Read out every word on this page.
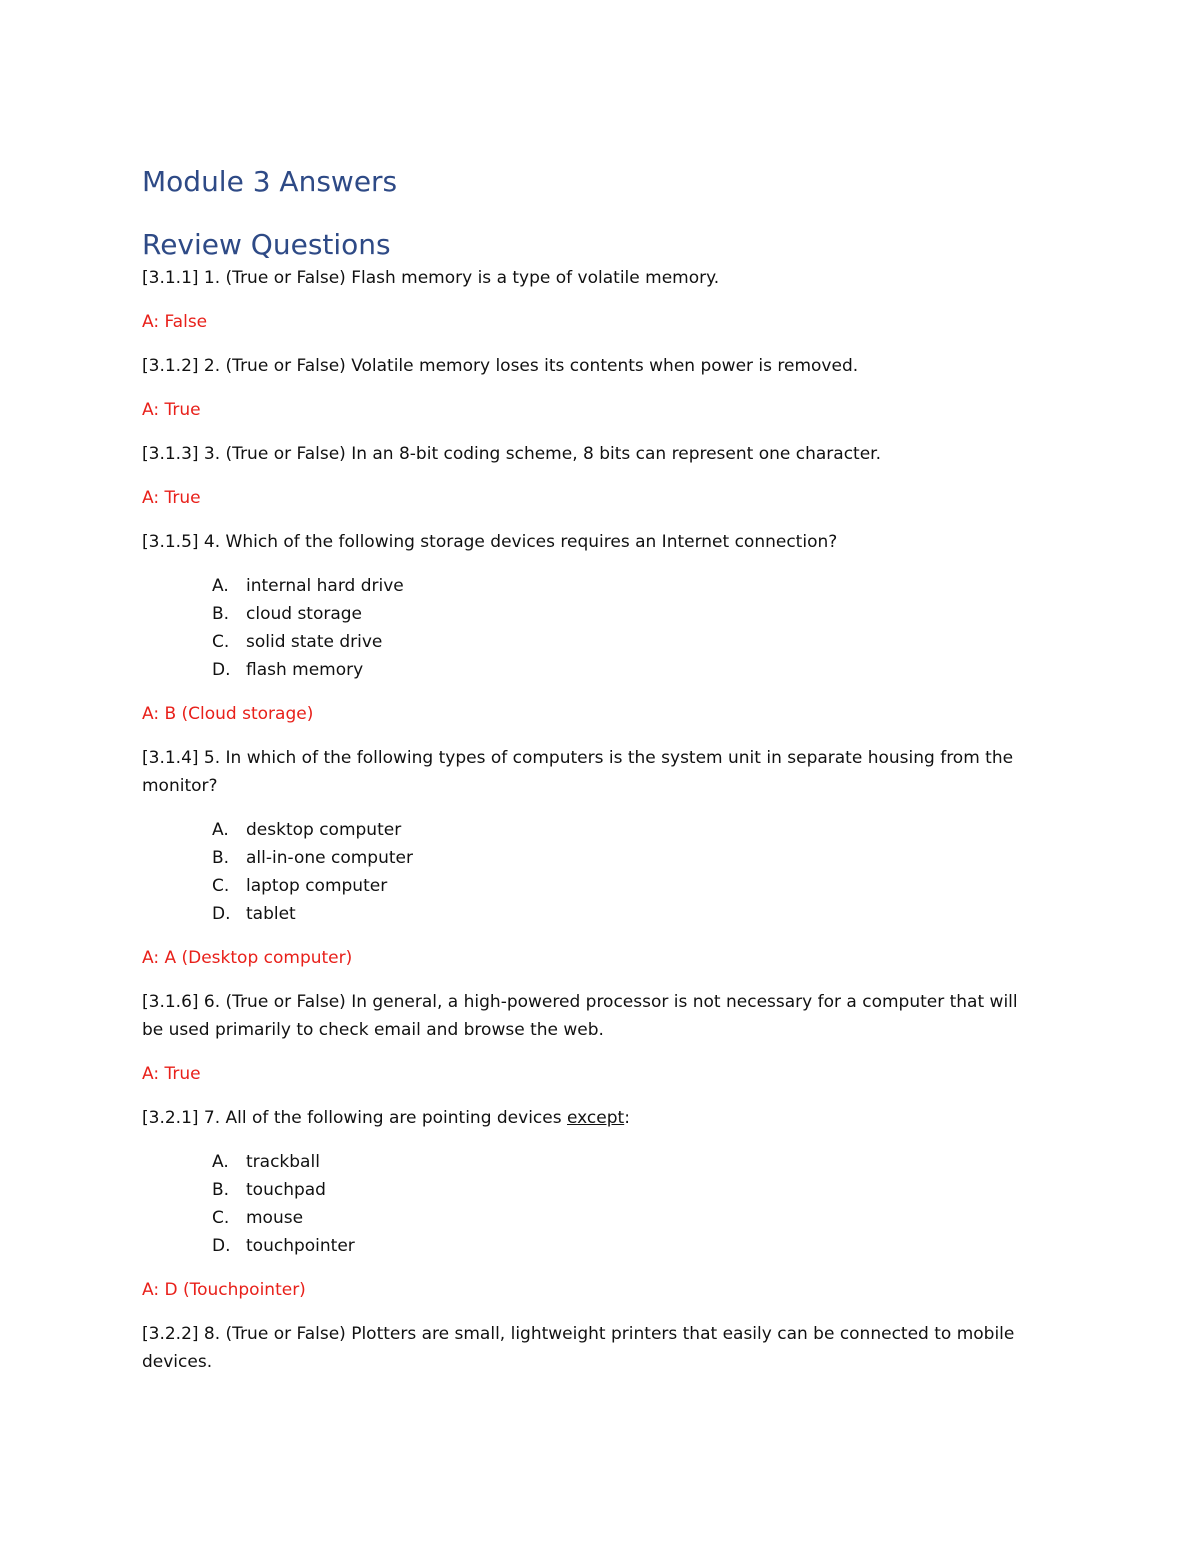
Module 3 Answers
Review Questions

[3.1.1] 1. (True or False) Flash memory is a type of volatile memory.

A: False

[3.1.2] 2. (True or False) Volatile memory loses its contents when power is removed.

A: True

[3.1.3] 3. (True or False) In an 8-bit coding scheme, 8 bits can represent one character.

A: True

[3.1.5] 4. Which of the following storage devices requires an Internet connection?

A.	internal hard drive
B. cloud storage
C. solid state drive
D. flash memory

A: B (Cloud storage)

[3.1.4] 5. In which of the following types of computers is the system unit in separate housing from the monitor?

A.	desktop computer
B. all-in-one computer
C. laptop computer
D. tablet

A: A (Desktop computer)

[3.1.6] 6. (True or False) In general, a high-powered processor is not necessary for a computer that will be used primarily to check email and browse the web.

A: True

[3.2.1] 7. All of the following are pointing devices except:

A.	trackball
B. touchpad
C. mouse
D. touchpointer

A: D (Touchpointer)

[3.2.2] 8. (True or False) Plotters are small, lightweight printers that easily can be connected to mobile devices.
